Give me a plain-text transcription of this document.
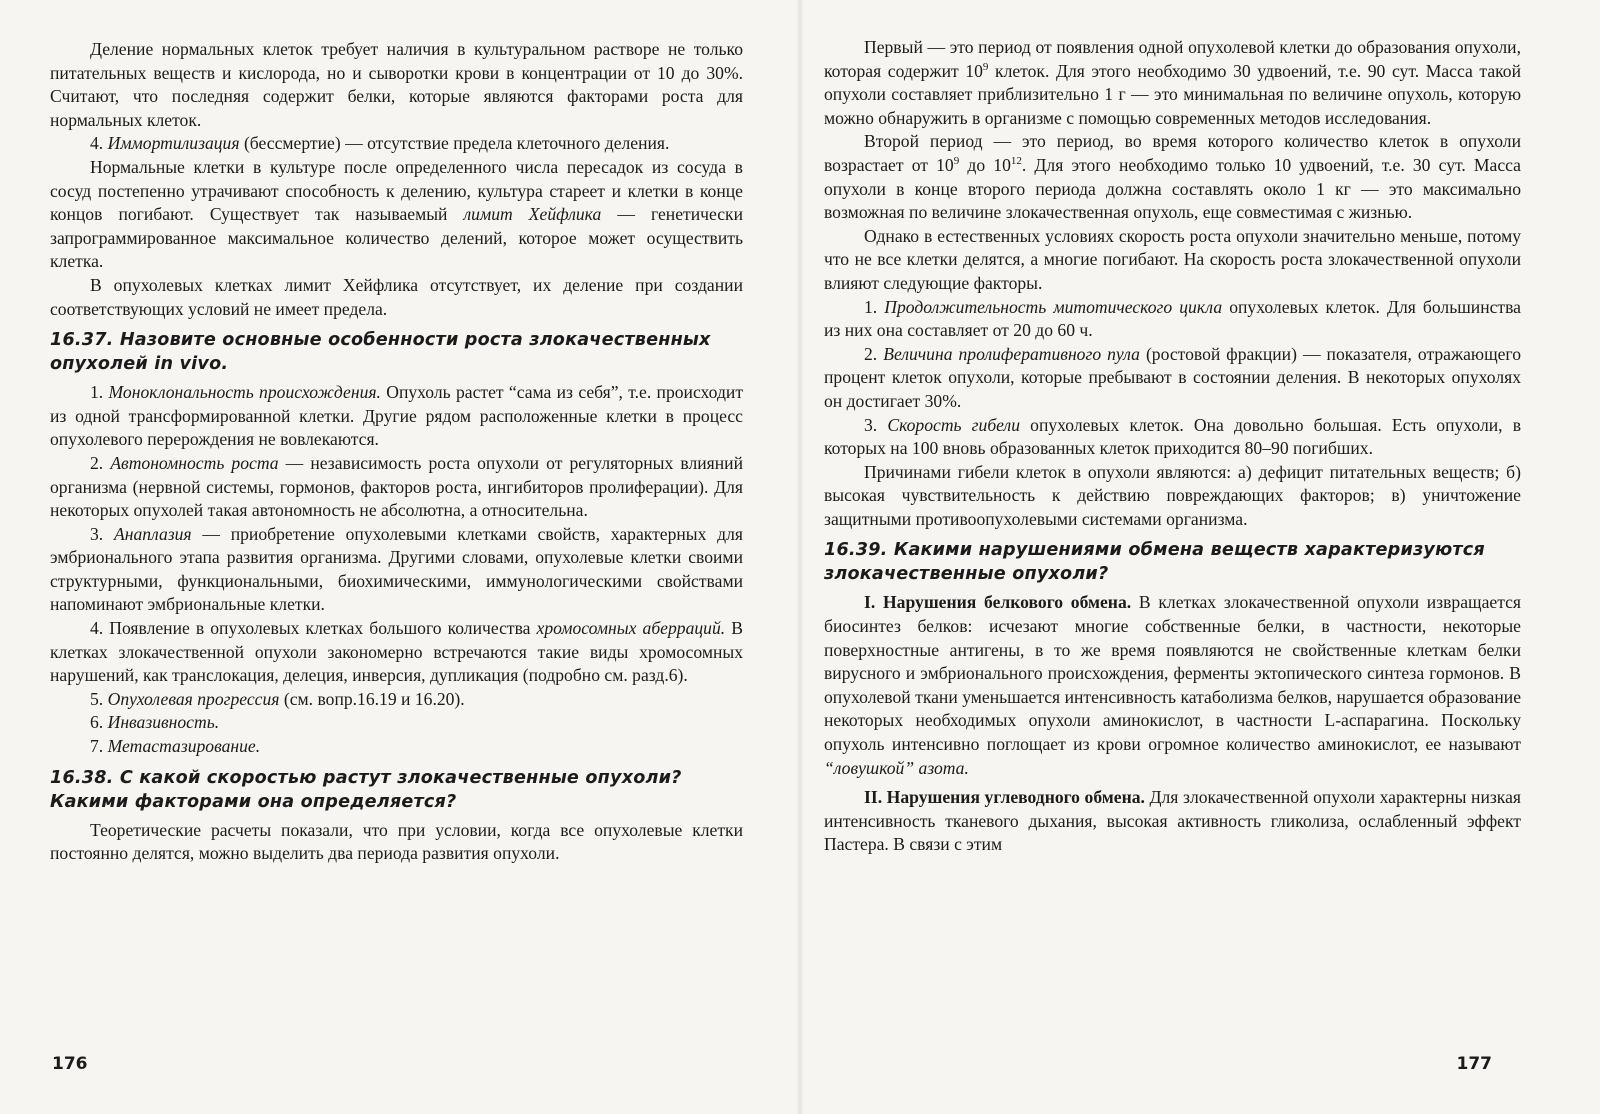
Деление нормальных клеток требует наличия в культуральном растворе не только питательных веществ и кислорода, но и сыворотки крови в концентрации от 10 до 30%. Считают, что последняя содержит белки, которые являются факторами роста для нормальных клеток.

4. Иммортилизация (бессмертие) — отсутствие предела клеточного деления.

Нормальные клетки в культуре после определенного числа пересадок из сосуда в сосуд постепенно утрачивают способность к делению, культура стареет и клетки в конце концов погибают. Существует так называемый лимит Хейфлика — генетически запрограммированное максимальное количество делений, которое может осуществить клетка.

В опухолевых клетках лимит Хейфлика отсутствует, их деление при создании соответствующих условий не имеет предела.

16.37. Назовите основные особенности роста злокачественных опухолей in vivo.

1. Моноклональность происхождения. Опухоль растет “сама из себя”, т.е. происходит из одной трансформированной клетки. Другие рядом расположенные клетки в процесс опухолевого перерождения не вовлекаются.

2. Автономность роста — независимость роста опухоли от регуляторных влияний организма (нервной системы, гормонов, факторов роста, ингибиторов пролиферации). Для некоторых опухолей такая автономность не абсолютна, а относительна.

3. Анаплазия — приобретение опухолевыми клетками свойств, характерных для эмбрионального этапа развития организма. Другими словами, опухолевые клетки своими структурными, функциональными, биохимическими, иммунологическими свойствами напоминают эмбриональные клетки.

4. Появление в опухолевых клетках большого количества хромосомных аберраций. В клетках злокачественной опухоли закономерно встречаются такие виды хромосомных нарушений, как транслокация, делеция, инверсия, дупликация (подробно см. разд.6).

5. Опухолевая прогрессия (см. вопр.16.19 и 16.20).

6. Инвазивность.

7. Метастазирование.

16.38. С какой скоростью растут злокачественные опухоли? Какими факторами она определяется?

Теоретические расчеты показали, что при условии, когда все опухолевые клетки постоянно делятся, можно выделить два периода развития опухоли.

176

Первый — это период от появления одной опухолевой клетки до образования опухоли, которая содержит $10^9$ клеток. Для этого необходимо 30 удвоений, т.е. 90 сут. Масса такой опухоли составляет приблизительно 1 г — это минимальная по величине опухоль, которую можно обнаружить в организме с помощью современных методов исследования.

Второй период — это период, во время которого количество клеток в опухоли возрастает от $10^9$ до $10^{12}$. Для этого необходимо только 10 удвоений, т.е. 30 сут. Масса опухоли в конце второго периода должна составлять около 1 кг — это максимально возможная по величине злокачественная опухоль, еще совместимая с жизнью.

Однако в естественных условиях скорость роста опухоли значительно меньше, потому что не все клетки делятся, а многие погибают. На скорость роста злокачественной опухоли влияют следующие факторы.

1. Продолжительность митотического цикла опухолевых клеток. Для большинства из них она составляет от 20 до 60 ч.

2. Величина пролиферативного пула (ростовой фракции) — показателя, отражающего процент клеток опухоли, которые пребывают в состоянии деления. В некоторых опухолях он достигает 30%.

3. Скорость гибели опухолевых клеток. Она довольно большая. Есть опухоли, в которых на 100 вновь образованных клеток приходится 80–90 погибших.

Причинами гибели клеток в опухоли являются: а) дефицит питательных веществ; б) высокая чувствительность к действию повреждающих факторов; в) уничтожение защитными противоопухолевыми системами организма.

16.39. Какими нарушениями обмена веществ характеризуются злокачественные опухоли?

I. Нарушения белкового обмена. В клетках злокачественной опухоли извращается биосинтез белков: исчезают многие собственные белки, в частности, некоторые поверхностные антигены, в то же время появляются не свойственные клеткам белки вирусного и эмбрионального происхождения, ферменты эктопического синтеза гормонов. В опухолевой ткани уменьшается интенсивность катаболизма белков, нарушается образование некоторых необходимых опухоли аминокислот, в частности L-аспарагина. Поскольку опухоль интенсивно поглощает из крови огромное количество аминокислот, ее называют “ловушкой” азота.

II. Нарушения углеводного обмена. Для злокачественной опухоли характерны низкая интенсивность тканевого дыхания, высокая активность гликолиза, ослабленный эффект Пастера. В связи с этим

177
